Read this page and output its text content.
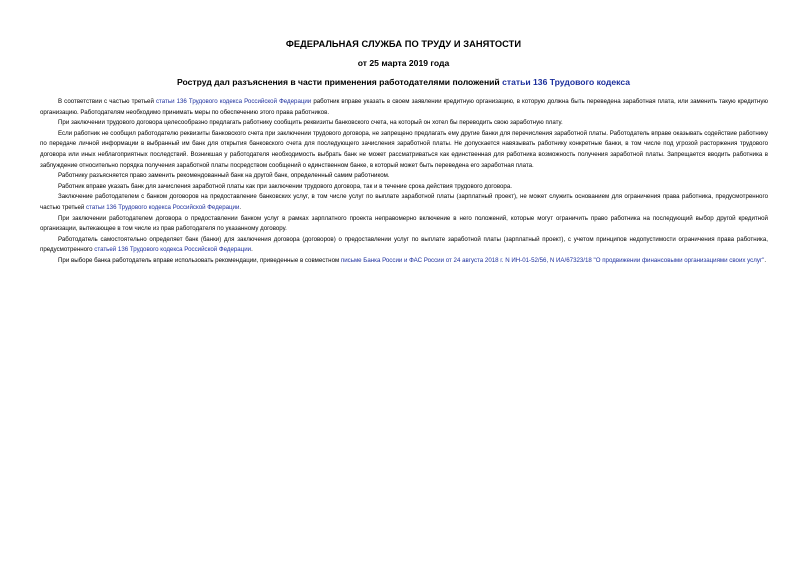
ФЕДЕРАЛЬНАЯ СЛУЖБА ПО ТРУДУ И ЗАНЯТОСТИ
от 25 марта 2019 года
Роструд дал разъяснения в части применения работодателями положений статьи 136 Трудового кодекса

В соответствии с частью третьей статьи 136 Трудового кодекса Российской Федерации работник вправе указать в своем заявлении кредитную организацию, в которую должна быть переведена заработная плата, или заменить такую кредитную организацию. Работодателям необходимо принимать меры по обеспечению этого права работников.

При заключении трудового договора целесообразно предлагать работнику сообщить реквизиты банковского счета, на который он хотел бы переводить свою заработную плату.

Если работник не сообщил работодателю реквизиты банковского счета при заключении трудового договора, не запрещено предлагать ему другие банки для перечисления заработной платы. Работодатель вправе оказывать содействие работнику по передаче личной информации в выбранный им банк для открытия банковского счета для последующего зачисления заработной платы. Не допускается навязывать работнику конкретные банки, в том числе под угрозой расторжения трудового договора или иных неблагоприятных последствий. Возникшая у работодателя необходимость выбрать банк не может рассматриваться как единственная для работника возможность получения заработной платы. Запрещается вводить работника в заблуждение относительно порядка получения заработной платы посредством сообщений о единственном банке, в который может быть переведена его заработная плата.

Работнику разъясняется право заменить рекомендованный банк на другой банк, определенный самим работником.

Работник вправе указать банк для зачисления заработной платы как при заключении трудового договора, так и в течение срока действия трудового договора.

Заключение работодателем с банком договоров на предоставление банковских услуг, в том числе услуг по выплате заработной платы (зарплатный проект), не может служить основанием для ограничения права работника, предусмотренного частью третьей статьи 136 Трудового кодекса Российской Федерации.

При заключении работодателем договора о предоставлении банком услуг в рамках зарплатного проекта неправомерно включение в него положений, которые могут ограничить право работника на последующий выбор другой кредитной организации, вытекающее в том числе из прав работодателя по указанному договору.

Работодатель самостоятельно определяет банк (банки) для заключения договора (договоров) о предоставлении услуг по выплате заработной платы (зарплатный проект), с учетом принципов недопустимости ограничения права работника, предусмотренного статьей 136 Трудового кодекса Российской Федерации.

При выборе банка работодатель вправе использовать рекомендации, приведенные в совместном письме Банка России и ФАС России от 24 августа 2018 г. N ИН-01-52/56, N ИА/67323/18 "О продвижении финансовыми организациями своих услуг".
